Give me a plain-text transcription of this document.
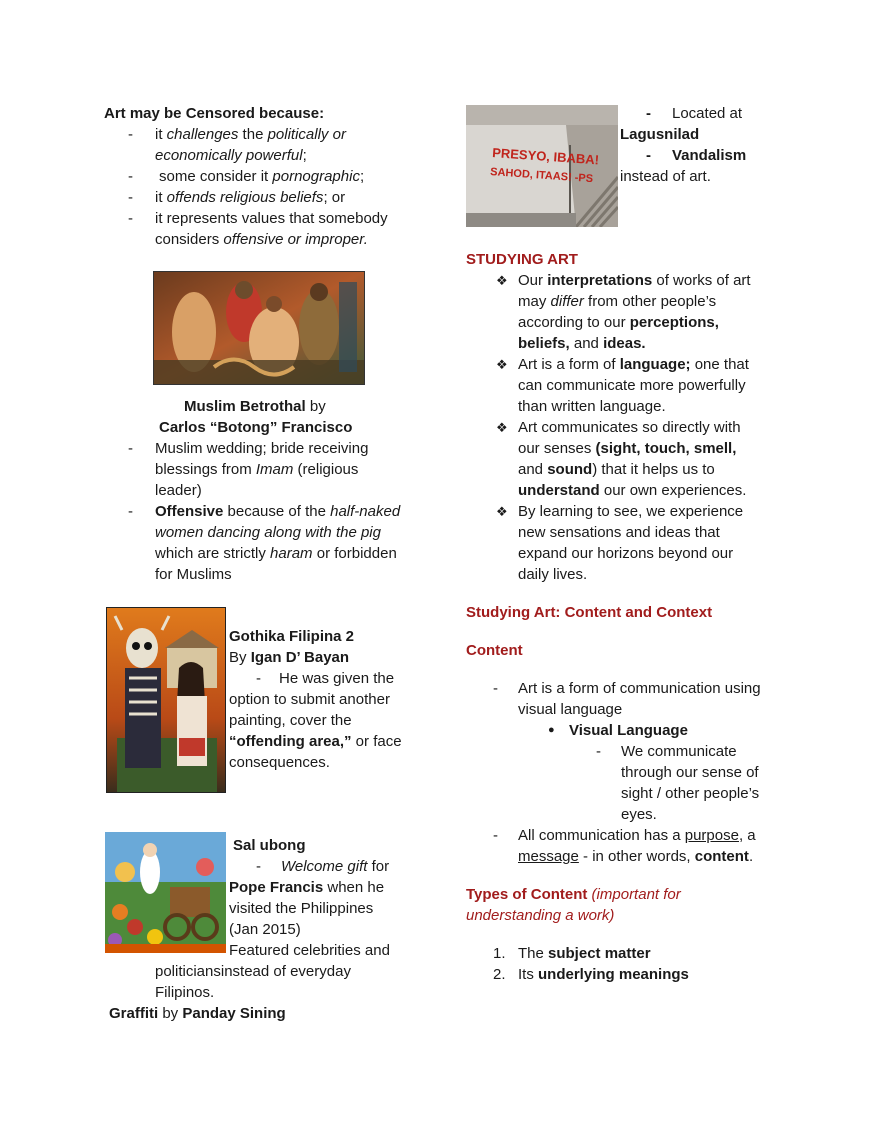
Art may be Censored because:
- it challenges the politically or
economically powerful;
- some consider it pornographic;
- it offends religious beliefs; or
- it represents values that somebody
considers offensive or improper.
Muslim Betrothal by
Carlos “Botong” Francisco
- Muslim wedding; bride receiving
blessings from Imam (religious
leader)
- Offensive because of the half-naked
women dancing along with the pig
which are strictly haram or forbidden
for Muslims
Gothika Filipina 2
By Igan D’ Bayan
- He was given the
option to submit another
painting, cover the
“offending area,” or face
consequences.
Sal ubong
- Welcome gift for
Pope Francis when he
visited the Philippines
(Jan 2015)
Featured celebrities and
politiciansinstead of everyday
Filipinos.
Graffiti by Panday Sining
PRESYO, IBABA!
SAHOD, ITAAS! -PS
- Located at
Lagusnilad
- Vandalism
instead of art.
STUDYING ART
❖ Our interpretations of works of art
may differ from other people’s
according to our perceptions,
beliefs, and ideas.
❖ Art is a form of language; one that
can communicate more powerfully
than written language.
❖ Art communicates so directly with
our senses (sight, touch, smell,
and sound) that it helps us to
understand our own experiences.
❖ By learning to see, we experience
new sensations and ideas that
expand our horizons beyond our
daily lives.
Studying Art: Content and Context
Content
- Art is a form of communication using
visual language
● Visual Language
- We communicate
through our sense of
sight / other people’s
eyes.
- All communication has a purpose, a
message - in other words, content.
Types of Content (important for
understanding a work)
1. The subject matter
2. Its underlying meanings
